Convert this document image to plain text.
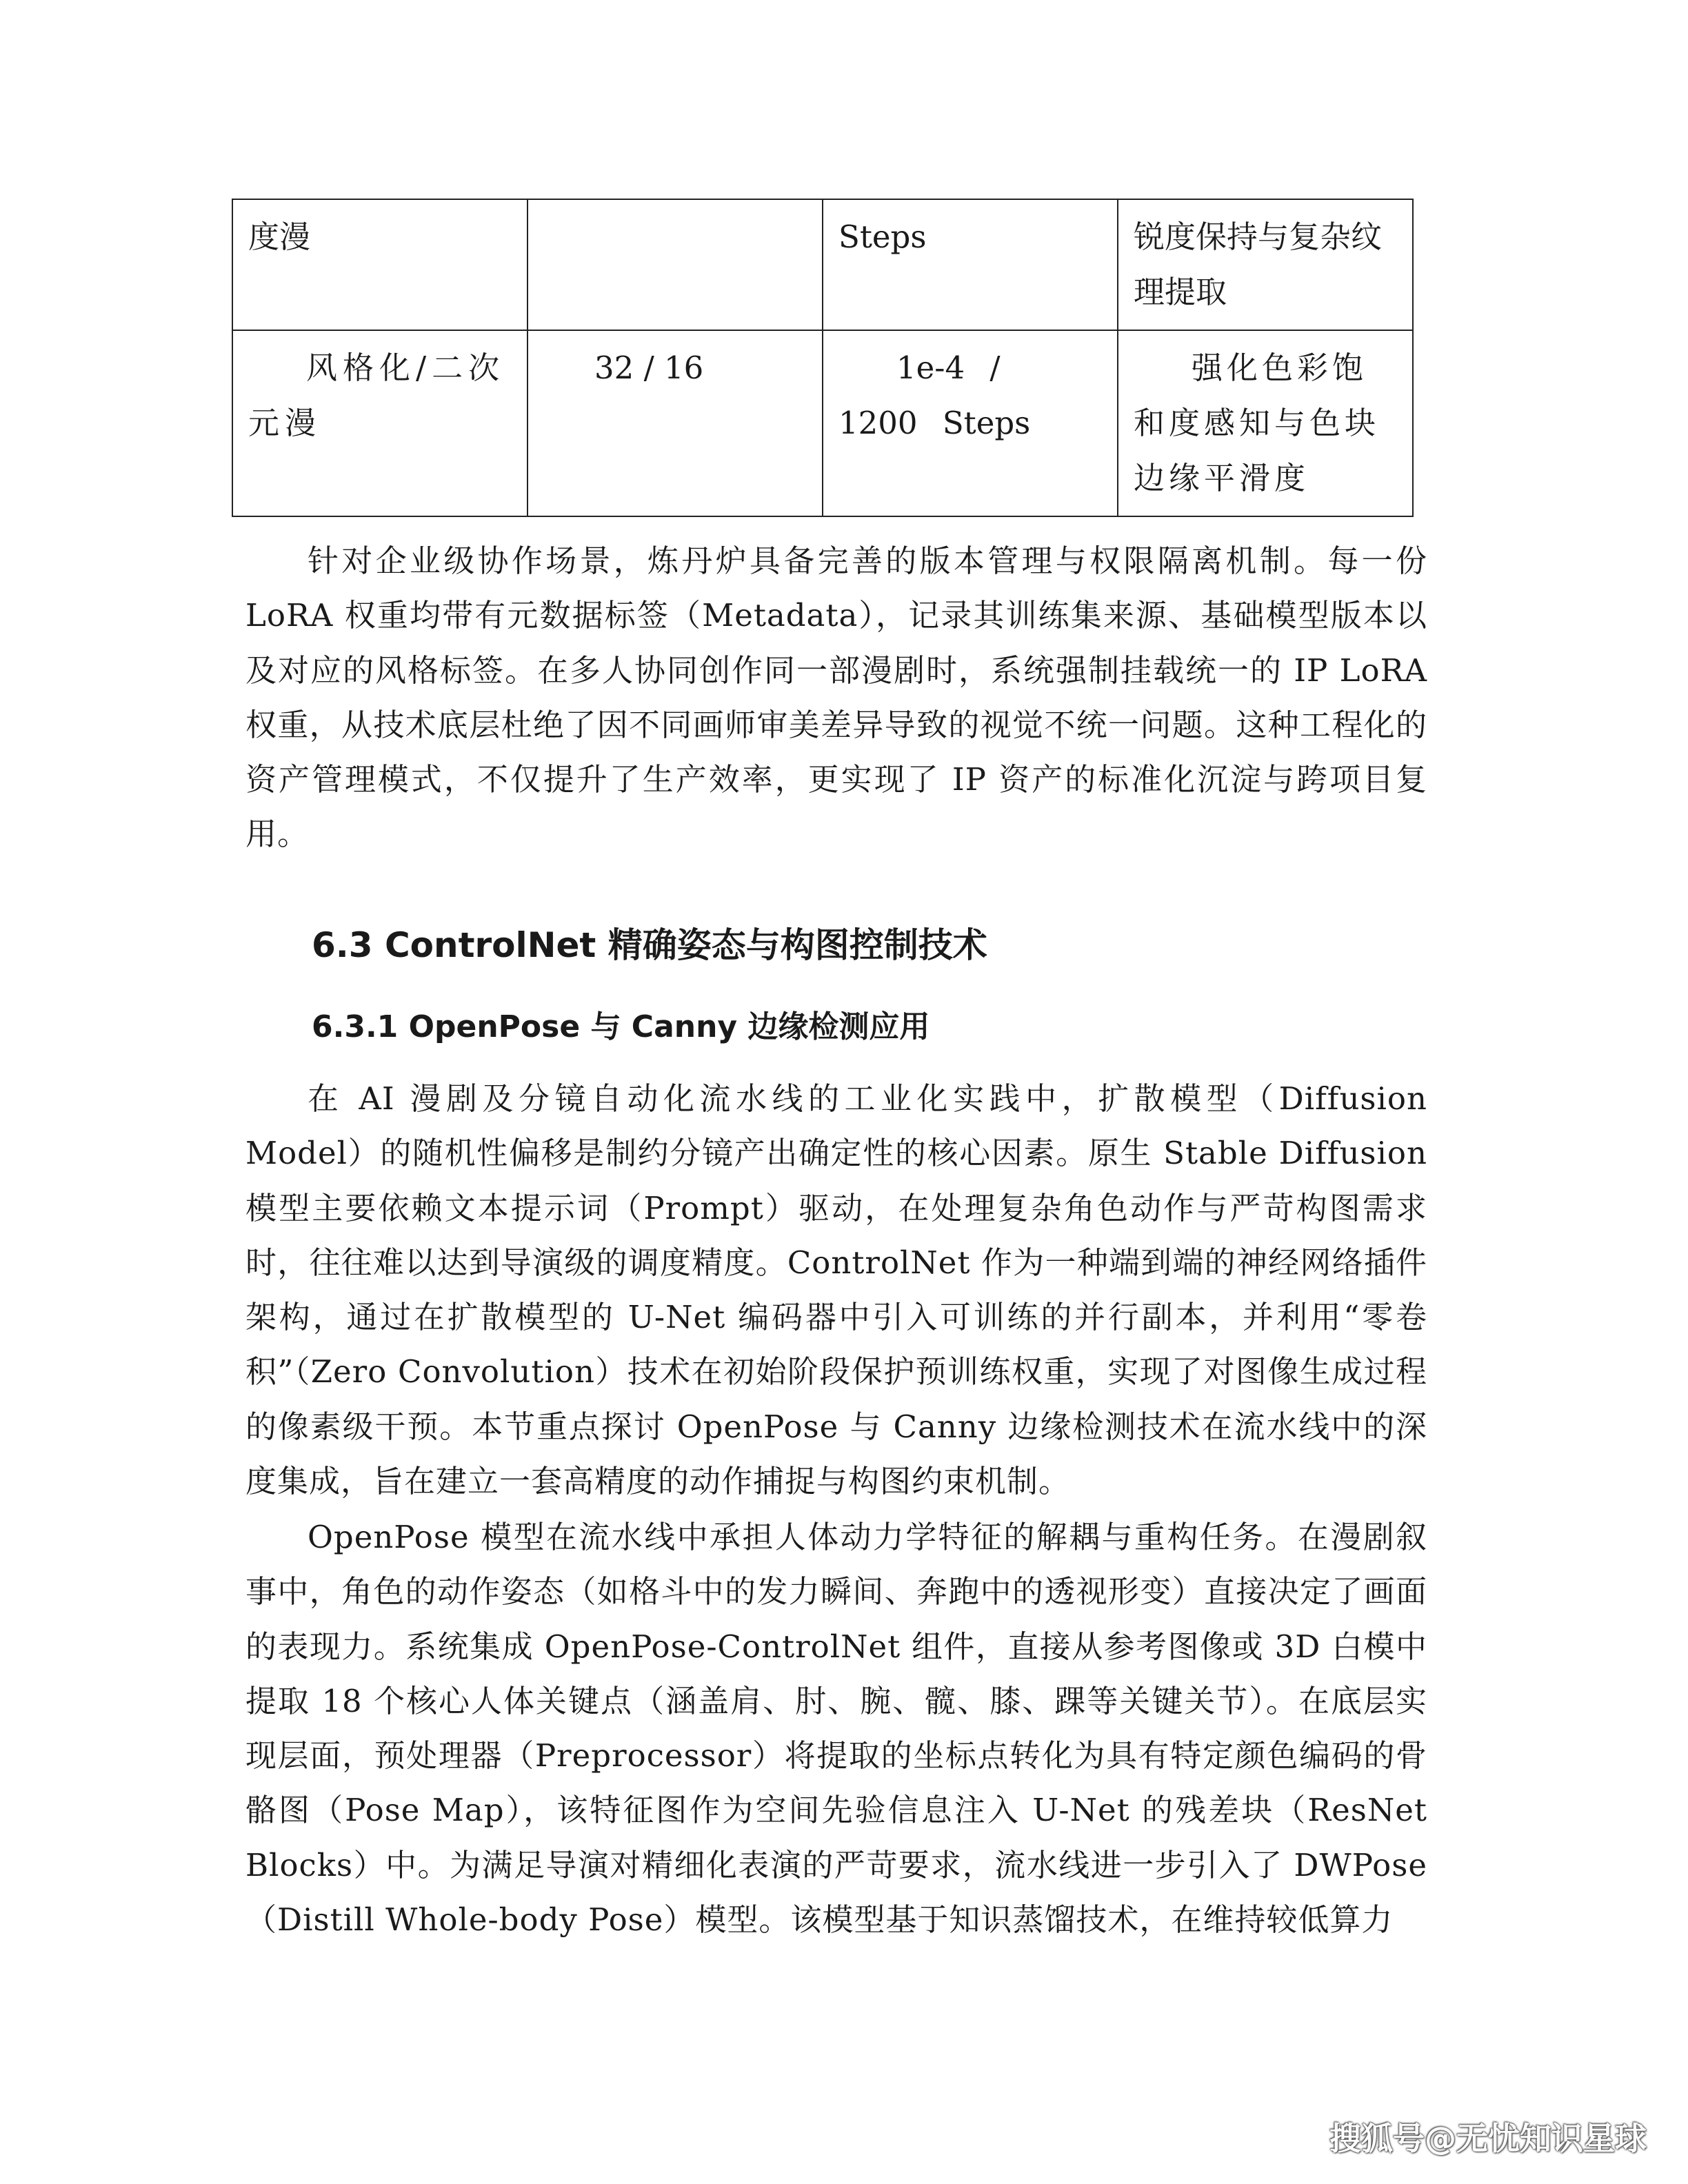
度漫		Steps	锐度保持与复杂纹理提取
风格化/二次元漫	32 / 16	1e-4 / 1200 Steps	强化色彩饱和度感知与色块边缘平滑度
针对企业级协作场景，炼丹炉具备完善的版本管理与权限隔离机制。每一份 LoRA 权重均带有元数据标签（Metadata），记录其训练集来源、基础模型版本以及对应的风格标签。在多人协同创作同一部漫剧时，系统强制挂载统一的 IP LoRA 权重，从技术底层杜绝了因不同画师审美差异导致的视觉不统一问题。这种工程化的资产管理模式，不仅提升了生产效率，更实现了 IP 资产的标准化沉淀与跨项目复用。
6.3 ControlNet 精确姿态与构图控制技术
6.3.1 OpenPose 与 Canny 边缘检测应用
在 AI 漫剧及分镜自动化流水线的工业化实践中，扩散模型（Diffusion Model）的随机性偏移是制约分镜产出确定性的核心因素。原生 Stable Diffusion 模型主要依赖文本提示词（Prompt）驱动，在处理复杂角色动作与严苛构图需求时，往往难以达到导演级的调度精度。ControlNet 作为一种端到端的神经网络插件架构，通过在扩散模型的 U-Net 编码器中引入可训练的并行副本，并利用“零卷积”（Zero Convolution）技术在初始阶段保护预训练权重，实现了对图像生成过程的像素级干预。本节重点探讨 OpenPose 与 Canny 边缘检测技术在流水线中的深度集成，旨在建立一套高精度的动作捕捉与构图约束机制。
OpenPose 模型在流水线中承担人体动力学特征的解耦与重构任务。在漫剧叙事中，角色的动作姿态（如格斗中的发力瞬间、奔跑中的透视形变）直接决定了画面的表现力。系统集成 OpenPose-ControlNet 组件，直接从参考图像或 3D 白模中提取 18 个核心人体关键点（涵盖肩、肘、腕、髋、膝、踝等关键关节）。在底层实现层面，预处理器（Preprocessor）将提取的坐标点转化为具有特定颜色编码的骨骼图（Pose Map），该特征图作为空间先验信息注入 U-Net 的残差块（ResNet Blocks）中。为满足导演对精细化表演的严苛要求，流水线进一步引入了 DWPose（Distill Whole-body Pose）模型。该模型基于知识蒸馏技术，在维持较低算力
搜狐号@无忧知识星球
